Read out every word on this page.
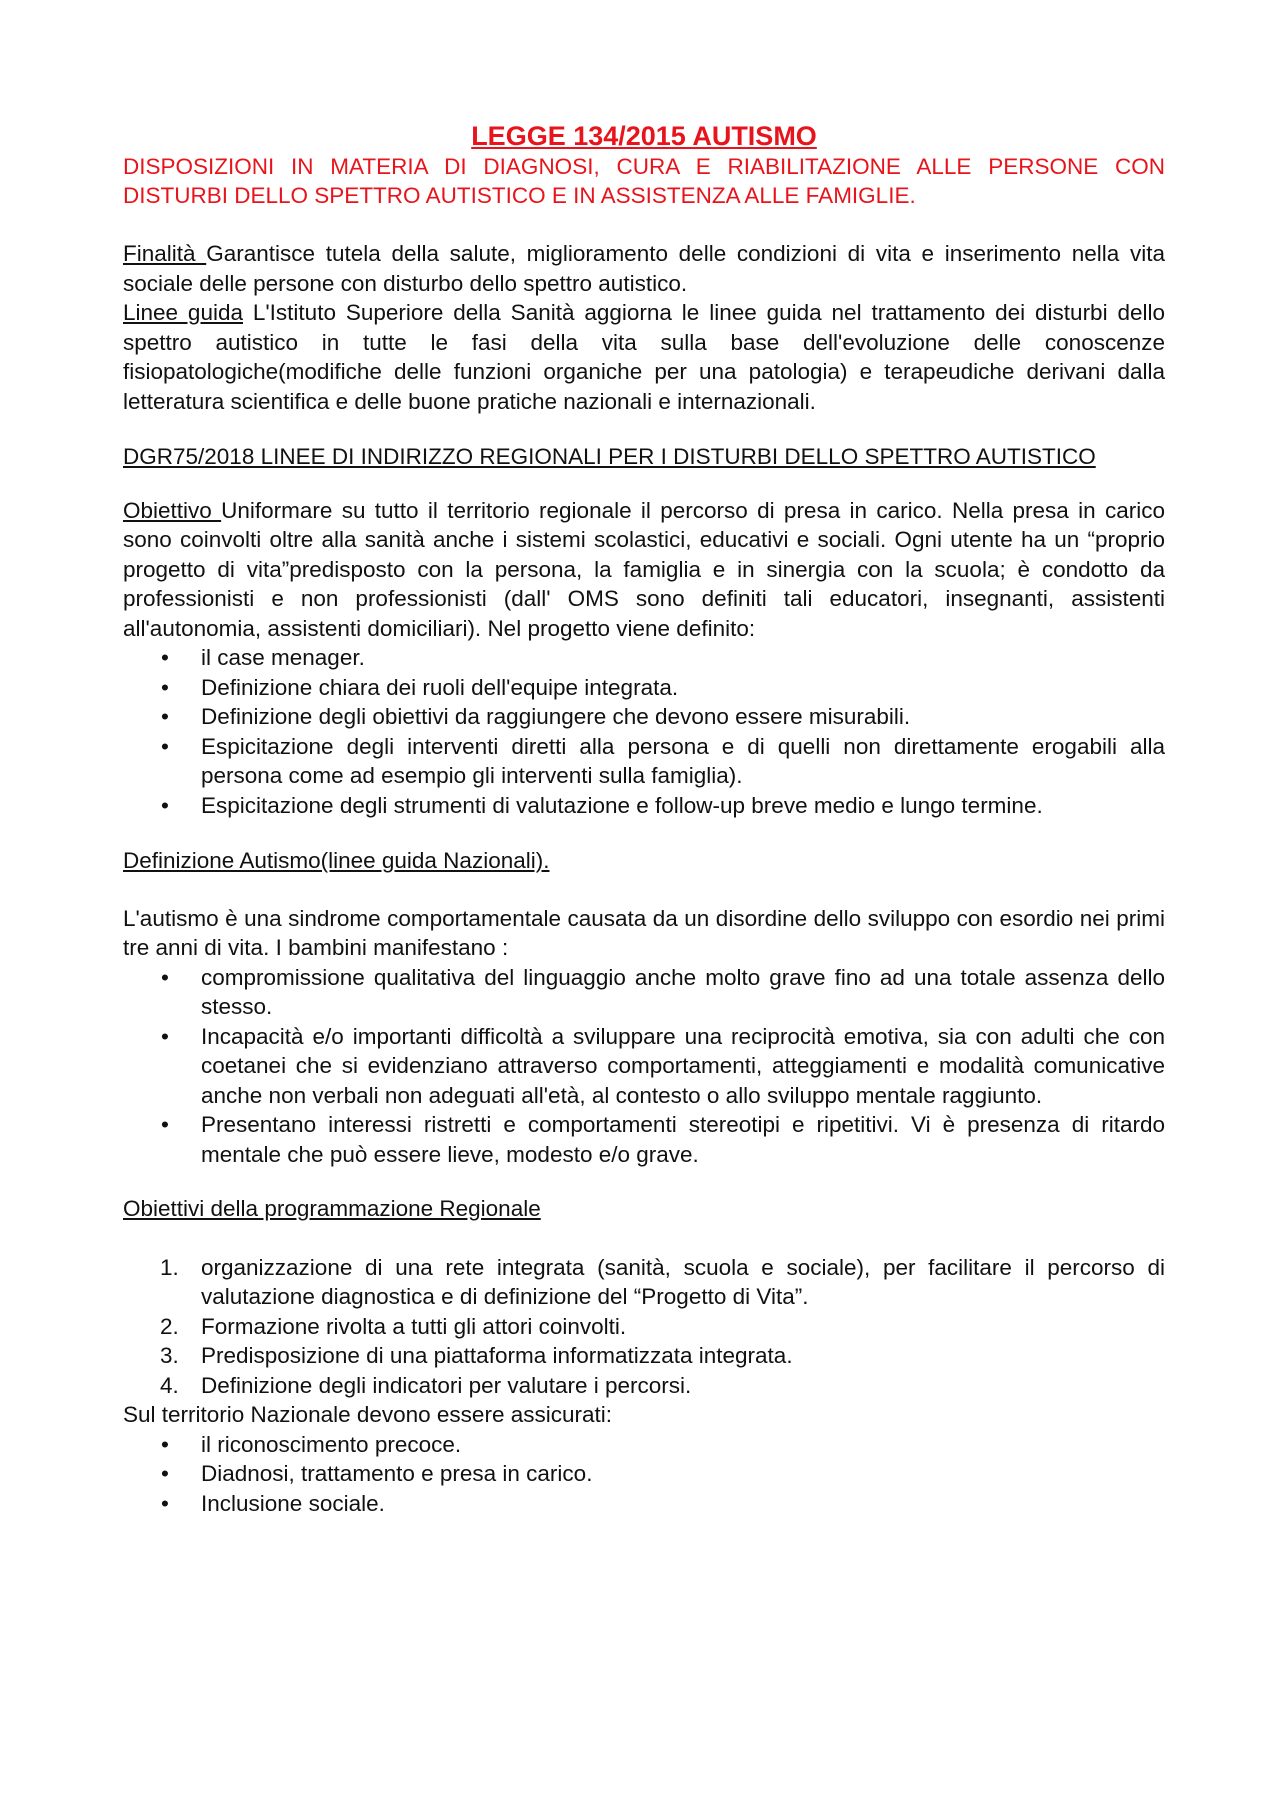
LEGGE 134/2015 AUTISMO

DISPOSIZIONI IN MATERIA DI DIAGNOSI, CURA E RIABILITAZIONE ALLE PERSONE CON DISTURBI DELLO SPETTRO AUTISTICO E IN ASSISTENZA ALLE FAMIGLIE.

Finalità Garantisce tutela della salute, miglioramento delle condizioni di vita e inserimento nella vita sociale delle persone con disturbo dello spettro autistico.

Linee guida L'Istituto Superiore della Sanità aggiorna le linee guida nel trattamento dei disturbi dello spettro autistico in tutte le fasi della vita sulla base dell'evoluzione delle conoscenze fisiopatologiche(modifiche delle funzioni organiche per una patologia) e terapeudiche derivani dalla letteratura scientifica e delle buone pratiche nazionali e internazionali.

DGR75/2018 LINEE DI INDIRIZZO REGIONALI PER I DISTURBI DELLO SPETTRO AUTISTICO

Obiettivo Uniformare su tutto il territorio regionale il percorso di presa in carico. Nella presa in carico sono coinvolti oltre alla sanità anche i sistemi scolastici, educativi e sociali. Ogni utente ha un “proprio progetto di vita”predisposto con la persona, la famiglia e in sinergia con la scuola; è condotto da professionisti e non professionisti (dall' OMS sono definiti tali educatori, insegnanti, assistenti all'autonomia, assistenti domiciliari). Nel progetto viene definito:

• il case menager.
• Definizione chiara dei ruoli dell'equipe integrata.
• Definizione degli obiettivi da raggiungere che devono essere misurabili.
• Espicitazione degli interventi diretti alla persona e di quelli non direttamente erogabili alla persona come ad esempio gli interventi sulla famiglia).
• Espicitazione degli strumenti di valutazione e follow-up breve medio e lungo termine.

Definizione Autismo(linee guida Nazionali).

L'autismo è una sindrome comportamentale causata da un disordine dello sviluppo con esordio nei primi tre anni di vita. I bambini manifestano :

• compromissione qualitativa del linguaggio anche molto grave fino ad una totale assenza dello stesso.
• Incapacità e/o importanti difficoltà a sviluppare una reciprocità emotiva, sia con adulti che con coetanei che si evidenziano attraverso comportamenti, atteggiamenti e modalità comunicative anche non verbali non adeguati all'età, al contesto o allo sviluppo mentale raggiunto.
• Presentano interessi ristretti e comportamenti stereotipi e ripetitivi. Vi è presenza di ritardo mentale che può essere lieve, modesto e/o grave.

Obiettivi della programmazione Regionale

1. organizzazione di una rete integrata (sanità, scuola e sociale), per facilitare il percorso di valutazione diagnostica e di definizione del “Progetto di Vita”.
2. Formazione rivolta a tutti gli attori coinvolti.
3. Predisposizione di una piattaforma informatizzata integrata.
4. Definizione degli indicatori per valutare i percorsi.

Sul territorio Nazionale devono essere assicurati:

• il riconoscimento precoce.
• Diadnosi, trattamento e presa in carico.
• Inclusione sociale.
